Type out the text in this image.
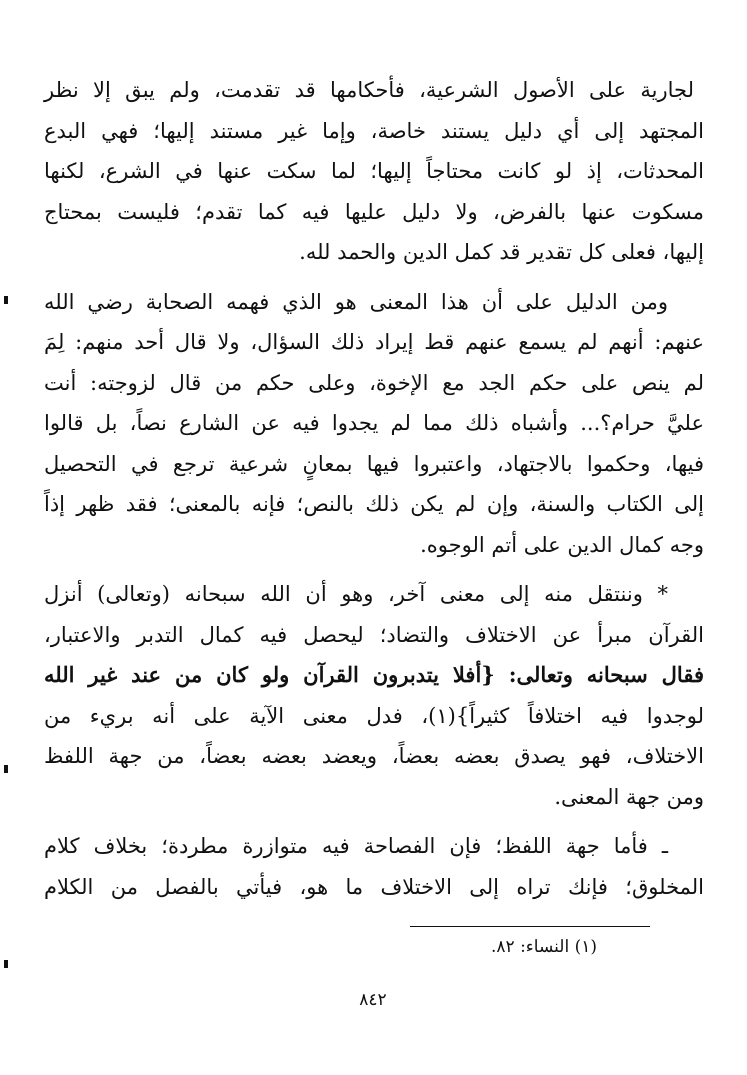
لجارية على الأصول الشرعية، فأحكامها قد تقدمت، ولم يبق إلا نظر
المجتهد إلى أي دليل يستند خاصة، وإما غير مستند إليها؛ فهي البدع
المحدثات، إذ لو كانت محتاجاً إليها؛ لما سكت عنها في الشرع، لكنها
مسكوت عنها بالفرض، ولا دليل عليها فيه كما تقدم؛ فليست بمحتاج
إليها، فعلى كل تقدير قد كمل الدين والحمد لله.

ومن الدليل على أن هذا المعنى هو الذي فهمه الصحابة رضي الله
عنهم: أنهم لم يسمع عنهم قط إيراد ذلك السؤال، ولا قال أحد منهم: لِمَ
لم ينص على حكم الجد مع الإخوة، وعلى حكم من قال لزوجته: أنت
عليَّ حرام؟... وأشباه ذلك مما لم يجدوا فيه عن الشارع نصاً، بل قالوا
فيها، وحكموا بالاجتهاد، واعتبروا فيها بمعانٍ شرعية ترجع في التحصيل
إلى الكتاب والسنة، وإن لم يكن ذلك بالنص؛ فإنه بالمعنى؛ فقد ظهر إذاً
وجه كمال الدين على أتم الوجوه.

* وننتقل منه إلى معنى آخر، وهو أن الله سبحانه (وتعالى) أنزل
القرآن مبرأ عن الاختلاف والتضاد؛ ليحصل فيه كمال التدبر والاعتبار،
فقال سبحانه وتعالى: {أفلا يتدبرون القرآن ولو كان من عند غير الله
لوجدوا فيه اختلافاً كثيراً}(١)، فدل معنى الآية على أنه بريء من
الاختلاف، فهو يصدق بعضه بعضاً، ويعضد بعضه بعضاً، من جهة اللفظ
ومن جهة المعنى.

ـ فأما جهة اللفظ؛ فإن الفصاحة فيه متوازرة مطردة؛ بخلاف كلام
المخلوق؛ فإنك تراه إلى الاختلاف ما هو، فيأتي بالفصل من الكلام

(١) النساء: ٨٢.
٨٤٢
